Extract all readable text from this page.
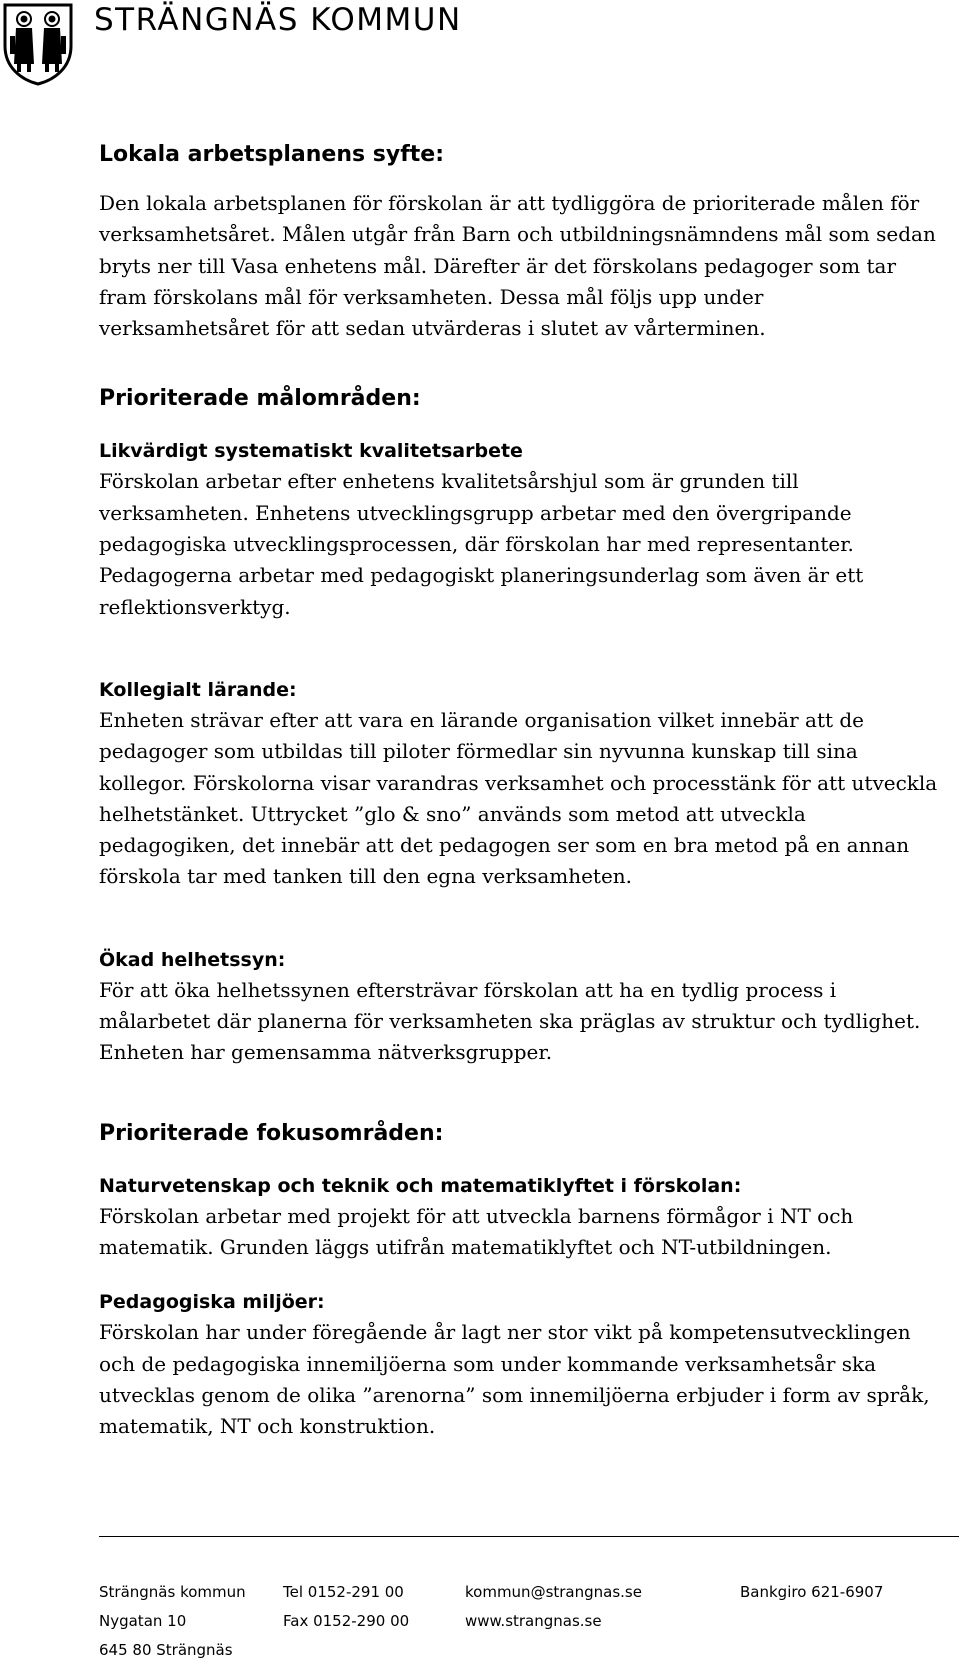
STRÄNGNÄS KOMMUN
Lokala arbetsplanens syfte:

Den lokala arbetsplanen för förskolan är att tydliggöra de prioriterade målen för verksamhetsåret. Målen utgår från Barn och utbildningsnämndens mål som sedan bryts ner till Vasa enhetens mål. Därefter är det förskolans pedagoger som tar fram förskolans mål för verksamheten. Dessa mål följs upp under verksamhetsåret för att sedan utvärderas i slutet av vårterminen.

Prioriterade målområden:
Likvärdigt systematiskt kvalitetsarbete

Förskolan arbetar efter enhetens kvalitetsårshjul som är grunden till verksamheten. Enhetens utvecklingsgrupp arbetar med den övergripande pedagogiska utvecklingsprocessen, där förskolan har med representanter. Pedagogerna arbetar med pedagogiskt planeringsunderlag som även är ett reflektionsverktyg.

Kollegialt lärande:

Enheten strävar efter att vara en lärande organisation vilket innebär att de pedagoger som utbildas till piloter förmedlar sin nyvunna kunskap till sina kollegor. Förskolorna visar varandras verksamhet och processtänk för att utveckla helhetstänket. Uttrycket ”glo & sno” används som metod att utveckla pedagogiken, det innebär att det pedagogen ser som en bra metod på en annan förskola tar med tanken till den egna verksamheten.

Ökad helhetssyn:

För att öka helhetssynen eftersträvar förskolan att ha en tydlig process i målarbetet där planerna för verksamheten ska präglas av struktur och tydlighet. Enheten har gemensamma nätverksgrupper.

Prioriterade fokusområden:
Naturvetenskap och teknik och matematiklyftet i förskolan:

Förskolan arbetar med projekt för att utveckla barnens förmågor i NT och matematik. Grunden läggs utifrån matematiklyftet och NT-utbildningen.

Pedagogiska miljöer:

Förskolan har under föregående år lagt ner stor vikt på kompetensutvecklingen och de pedagogiska innemiljöerna som under kommande verksamhetsår ska utvecklas genom de olika ”arenorna” som innemiljöerna erbjuder i form av språk, matematik, NT och konstruktion.

Strängnäs kommun
Nygatan 10
645 80 Strängnäs
Tel 0152-291 00
Fax 0152-290 00
kommun@strangnas.se
www.strangnas.se
Bankgiro 621-6907
